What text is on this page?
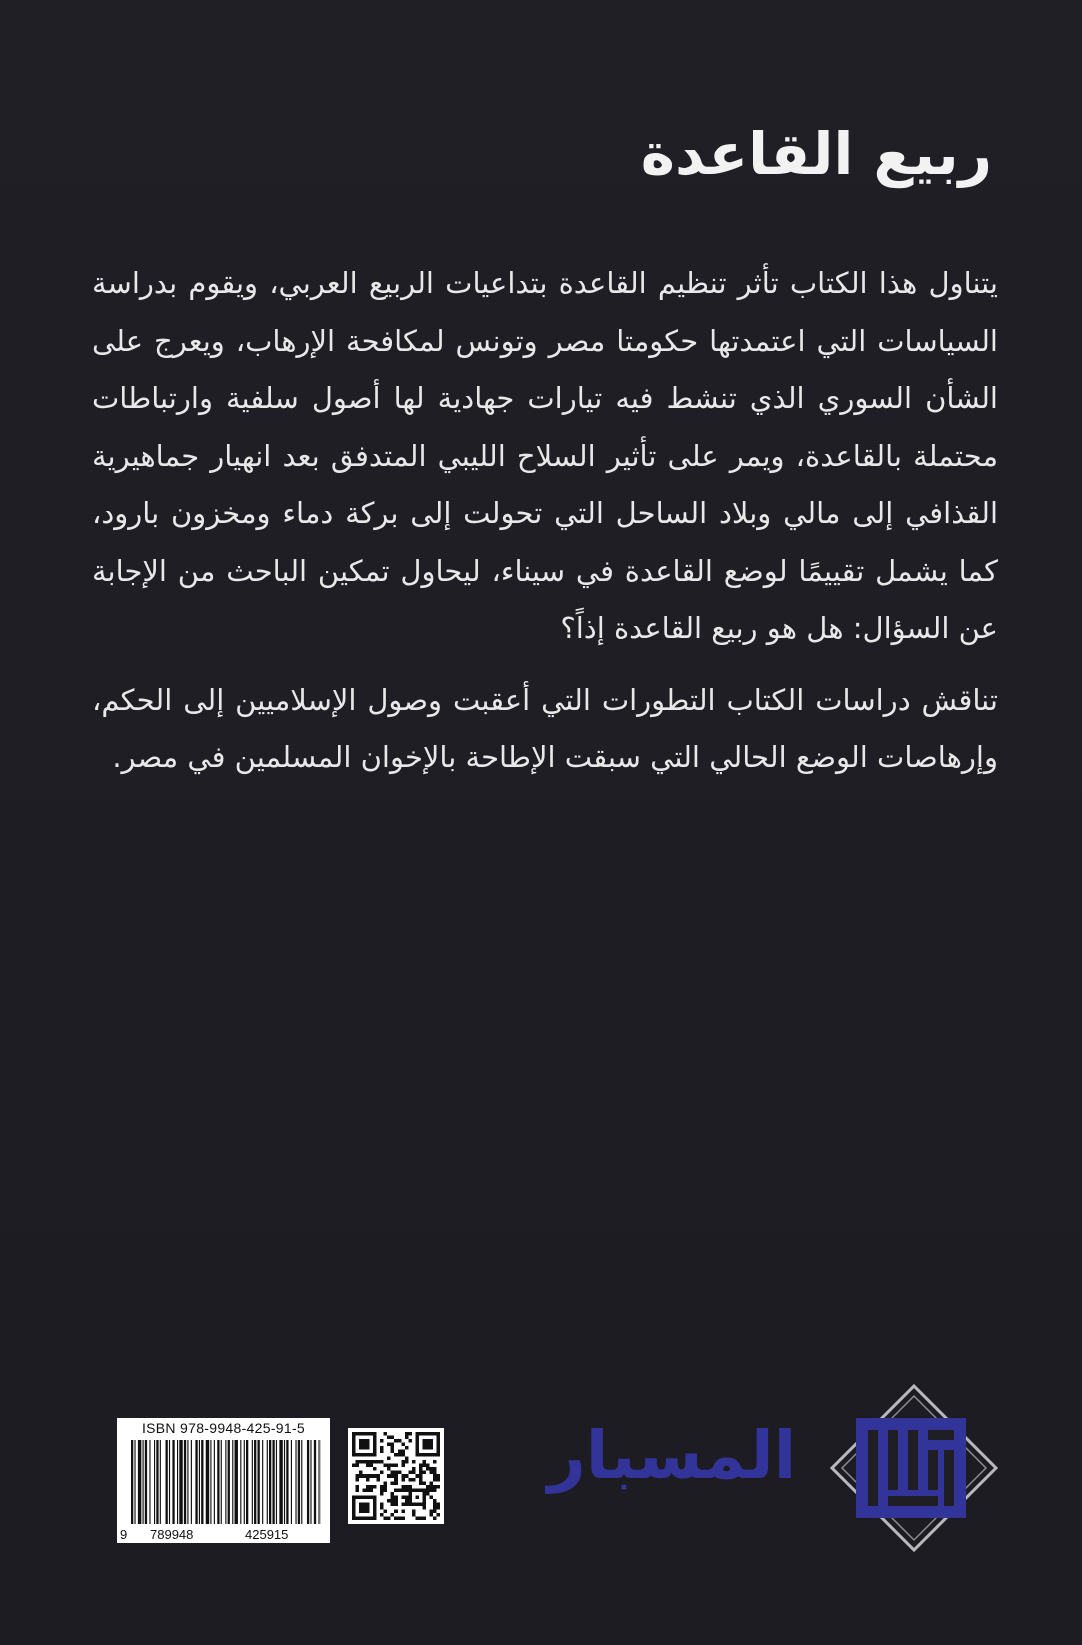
ربيع القاعدة

يتناول هذا الكتاب تأثر تنظيم القاعدة بتداعيات الربيع العربي، ويقوم بدراسة السياسات التي اعتمدتها حكومتا مصر وتونس لمكافحة الإرهاب، ويعرج على الشأن السوري الذي تنشط فيه تيارات جهادية لها أصول سلفية وارتباطات محتملة بالقاعدة، ويمر على تأثير السلاح الليبي المتدفق بعد انهيار جماهيرية القذافي إلى مالي وبلاد الساحل التي تحولت إلى بركة دماء ومخزون بارود، كما يشمل تقييمًا لوضع القاعدة في سيناء، ليحاول تمكين الباحث من الإجابة عن السؤال: هل هو ربيع القاعدة إذاً؟

تناقش دراسات الكتاب التطورات التي أعقبت وصول الإسلاميين إلى الحكم، وإرهاصات الوضع الحالي التي سبقت الإطاحة بالإخوان المسلمين في مصر.

ISBN 978-9948-425-91-5
9 789948	425915
المسبار
